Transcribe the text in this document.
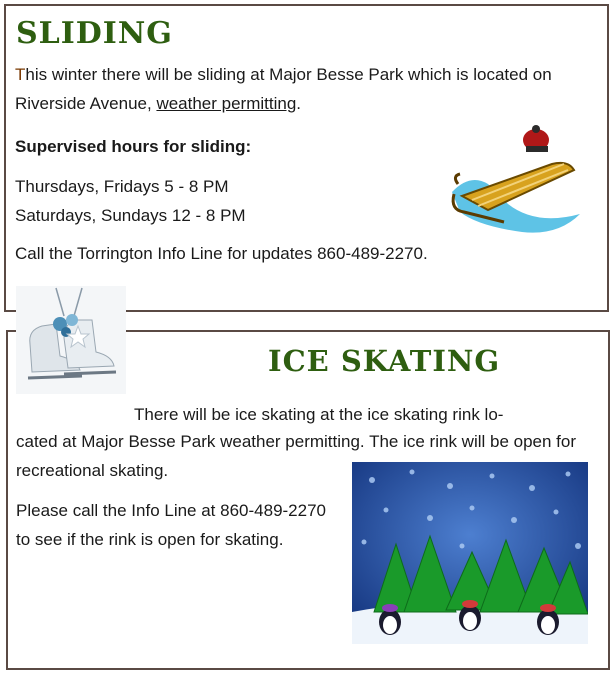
SLIDING

This winter there will be sliding at Major Besse Park which is located on Riverside Avenue, weather permitting.

Supervised hours for sliding:
Thursdays, Fridays 5 - 8 PM
Saturdays, Sundays 12 - 8 PM
Call the Torrington Info Line for updates 860-489-2270.
ICE SKATING
There will be ice skating at the ice skating rink lo-

cated at Major Besse Park weather permitting. The ice rink will be open for recreational skating.

Please call the Info Line at 860-489-2270 to see if the rink is open for skating.
